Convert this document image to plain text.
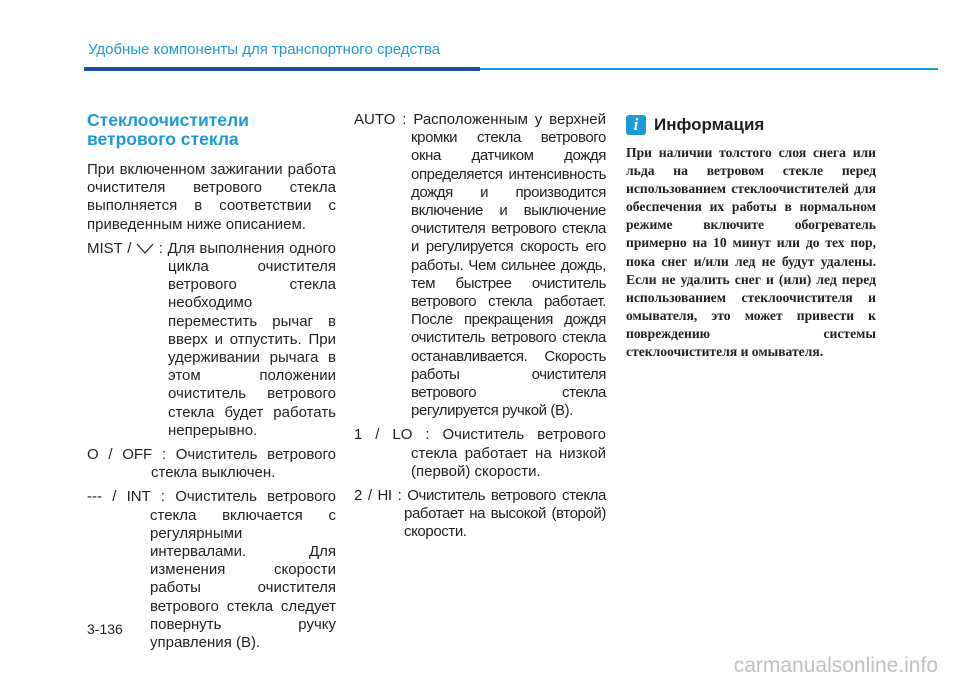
Удобные компоненты для транспортного средства
Стеклоочистители ветрового стекла

При включенном зажигании работа очистителя ветрового стекла выполняется в соответствии с приведенным ниже описанием.

MIST / : Для выполнения одного
цикла очистителя ветрового стекла необходимо переместить рычаг в вверх и отпустить. При удерживании рычага в этом положении очиститель ветрового стекла будет работать непрерывно.
O / OFF : Очиститель ветрового
стекла выключен.
--- / INT : Очиститель ветрового
стекла включается с регулярными интервалами. Для изменения скорости работы очистителя ветрового стекла следует повернуть ручку управления (B).
AUTO : Расположенным у верхней
кромки стекла ветрового окна датчиком дождя определяется интенсивность дождя и производится включение и выключение очистителя ветрового стекла и регулируется скорость его работы. Чем сильнее дождь, тем быстрее очиститель ветрового стекла работает. После прекращения дождя очиститель ветрового стекла останавливается. Скорость работы очистителя ветрового стекла регулируется ручкой (B).
1 / LO : Очиститель ветрового
стекла работает на низкой (первой) скорости.
2 / HI : Очиститель ветрового стекла
работает на высокой (второй) скорости.
i Информация

При наличии толстого слоя снега или льда на ветровом стекле перед использованием стеклоочистителей для обеспечения их работы в нормальном режиме включите обогреватель примерно на 10 минут или до тех пор, пока снег и/или лед не будут удалены. Если не удалить снег и (или) лед перед использованием стеклоочистителя и омывателя, это может привести к повреждению системы стеклоочистителя и омывателя.

3-136
carmanualsonline.info
